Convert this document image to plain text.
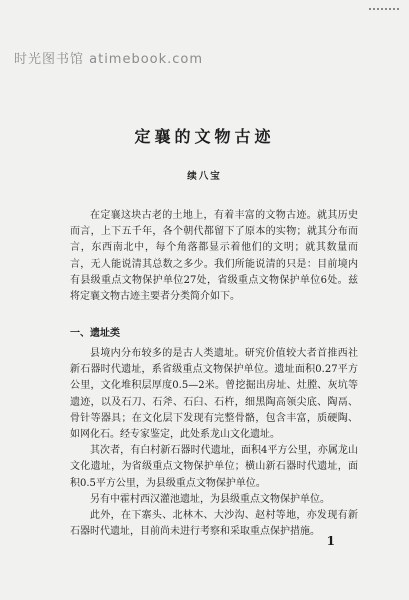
时光图书馆 atimebook.com
定襄的文物古迹
续八宝

在定襄这块古老的土地上，有着丰富的文物古迹。就其历史而言，上下五千年，各个朝代都留下了原本的实物；就其分布而言，东西南北中，每个角落都显示着他们的文明；就其数量而言，无人能说清其总数之多少。我们所能说清的只是：目前境内有县级重点文物保护单位27处，省级重点文物保护单位6处。兹将定襄文物古迹主要者分类简介如下。

一、遗址类

县境内分布较多的是古人类遗址。研究价值较大者首推西社新石器时代遗址，系省级重点文物保护单位。遗址面积0.27平方公里，文化堆积层厚度0.5—2米。曾挖掘出房址、灶膛、灰坑等遗迹，以及石刀、石斧、石臼、石杵，细黑陶高领尖底、陶鬲、骨针等器具；在文化层下发现有完整骨骼，包含丰富，质硬陶、如网化石。经专家鉴定，此处系龙山文化遗址。

其次者，有白村新石器时代遗址，面积4平方公里，亦属龙山文化遗址，为省级重点文物保护单位；横山新石器时代遗址，面积0.5平方公里，为县级重点文物保护单位。

另有中霍村西汉灌池遗址，为县级重点文物保护单位。

此外，在下寨头、北林木、大沙沟、赵村等地，亦发现有新石器时代遗址，目前尚未进行考察和采取重点保护措施。

1
